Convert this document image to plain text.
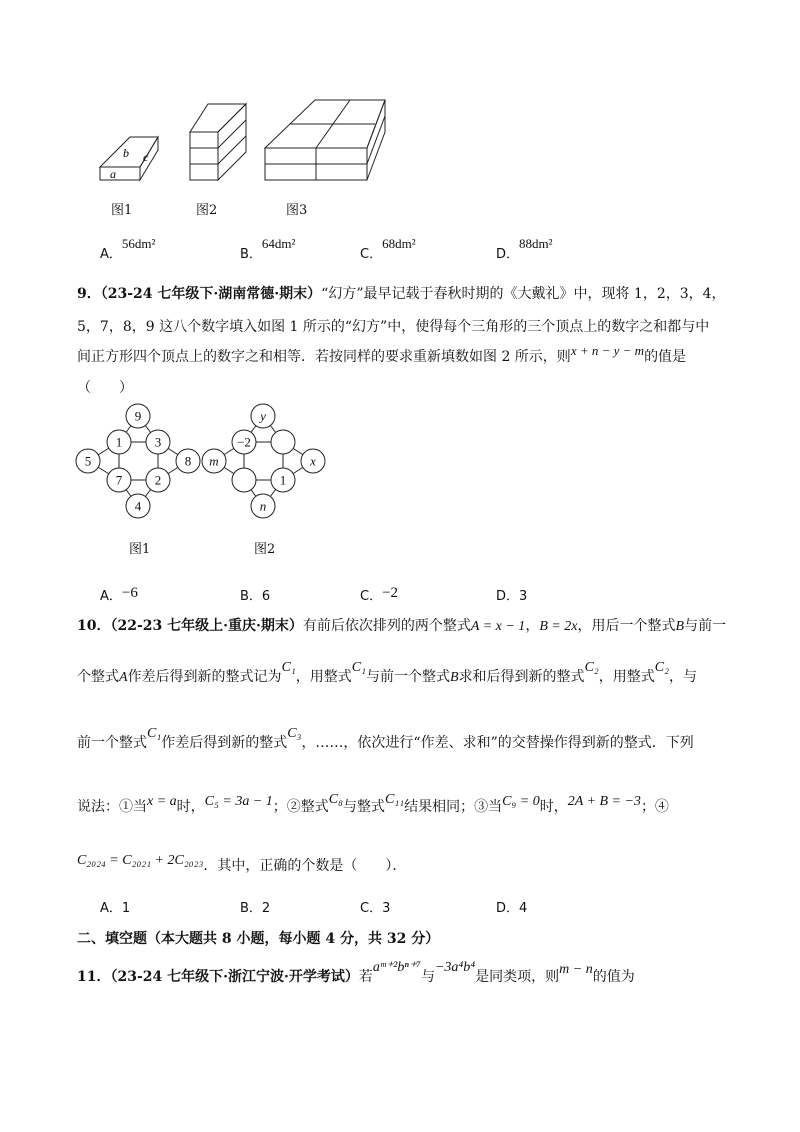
a
b c
图1	图2	图3
A．56dm²
B．64dm²
C．68dm²
D．88dm²
9．（23-24 七年级下·湖南常德·期末）“幻方”最早记载于春秋时期的《大戴礼》中，现将 1，2，3，4，
5，7，8，9 这八个数字填入如图 1 所示的“幻方”中，使得每个三角形的三个顶点上的数字之和都与中
间正方形四个顶点上的数字之和相等．若按同样的要求重新填数如图 2 所示，则x + n − y − m的值是
（　　）
9
1	3
5	8
7	2
4
y
−2
m	x
1
n
图1	图2
A．−6	B．6	C．−2	D．3
10．（22-23 七年级上·重庆·期末）有前后依次排列的两个整式A = x − 1，B = 2x，用后一个整式B与前一
个整式A作差后得到新的整式记为C₁，用整式C₁与前一个整式B求和后得到新的整式C₂，用整式C₂，与
前一个整式C₁作差后得到新的整式C₃，……，依次进行“作差、求和”的交替操作得到新的整式．下列
说法：①当x = a时，C₅ = 3a − 1；②整式C₈与整式C₁₁结果相同；③当C₉ = 0时，2A + B = −3；④
C₂₀₂₄ = C₂₀₂₁ + 2C₂₀₂₃．其中，正确的个数是（　　）．
A．1	B．2	C．3	D．4
二、填空题（本大题共 8 小题，每小题 4 分，共 32 分）
11．（23-24 七年级下·浙江宁波·开学考试）若aᵐ⁺²bⁿ⁺⁷与−3a⁴b⁴是同类项，则m − n的值为
